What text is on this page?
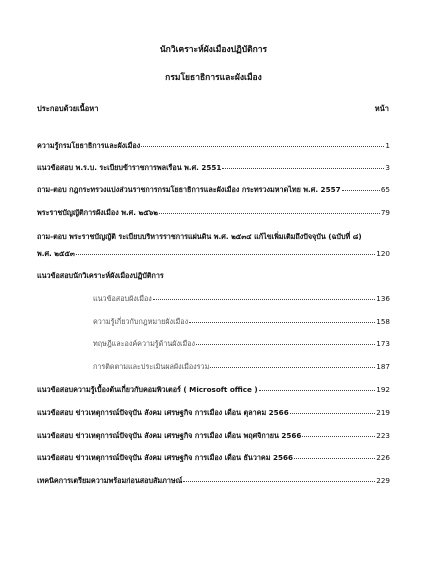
นักวิเคราะห์ผังเมืองปฏิบัติการ
กรมโยธาธิการและผังเมือง
ประกอบด้วยเนื้อหา	หน้า
ความรู้กรมโยธาธิการและผังเมือง	1
แนวข้อสอบ พ.ร.บ. ระเบียบข้าราชการพลเรือน พ.ศ. 2551	3
ถาม-ตอบ กฎกระทรวงแบ่งส่วนราชการกรมโยธาธิการและผังเมือง กระทรวงมหาดไทย พ.ศ. 2557	65
พระราชบัญญัติการผังเมือง พ.ศ. ๒๕๖๒	79
ถาม-ตอบ พระราชบัญญัติ ระเบียบบริหารราชการแผ่นดิน พ.ศ. ๒๕๓๔ แก้ไขเพิ่มเติมถึงปัจจุบัน (ฉบับที่ ๘)
พ.ศ. ๒๕๕๓	120
แนวข้อสอบนักวิเคราะห์ผังเมืองปฏิบัติการ
แนวข้อสอบผังเมือง	136
ความรู้เกี่ยวกับกฎหมายผังเมือง	158
ทฤษฎีและองค์ความรู้ด้านผังเมือง	173
การติดตามและประเมินผลผังเมืองรวม	187
แนวข้อสอบความรู้เบื้องต้นเกี่ยวกับคอมพิวเตอร์ ( Microsoft office )	192
แนวข้อสอบ ข่าวเหตุการณ์ปัจจุบัน สังคม เศรษฐกิจ การเมือง เดือน ตุลาคม 2566	219
แนวข้อสอบ ข่าวเหตุการณ์ปัจจุบัน สังคม เศรษฐกิจ การเมือง เดือน พฤศจิกายน 2566	223
แนวข้อสอบ ข่าวเหตุการณ์ปัจจุบัน สังคม เศรษฐกิจ การเมือง เดือน ธันวาคม 2566	226
เทคนิคการเตรียมความพร้อมก่อนสอบสัมภาษณ์	229
